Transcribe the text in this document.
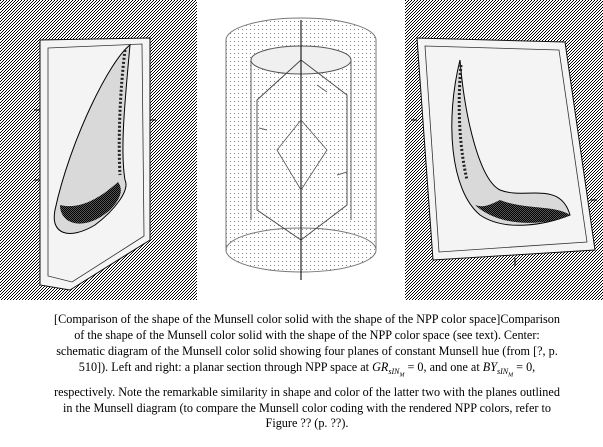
[Comparison of the shape of the Munsell color solid with the shape of the NPP color space]Comparison of the shape of the Munsell color solid with the shape of the NPP color space (see text). Center: schematic diagram of the Munsell color solid showing four planes of constant Munsell hue (from [?, p. 510]). Left and right: a planar section through NPP space at $GR_{sIN_M} = 0$, and one at $BY_{sIN_M} = 0$, respectively. Note the remarkable similarity in shape and color of the latter two with the planes outlined in the Munsell diagram (to compare the Munsell color coding with the rendered NPP colors, refer to Figure ?? (p. ??).
